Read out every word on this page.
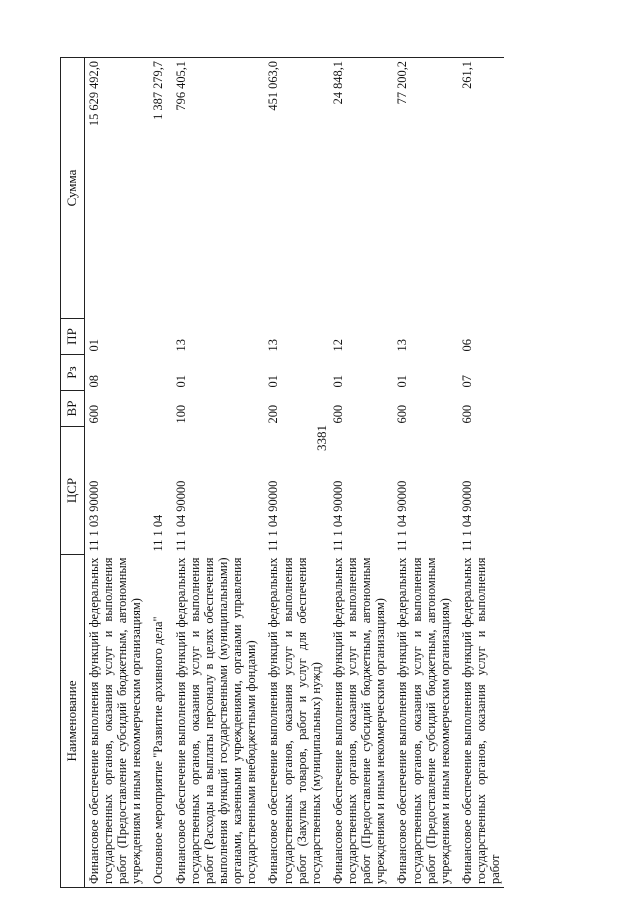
3381
Наименование	ЦСР	ВР	Рз	ПР	Сумма
Финансовое обеспечение выполнения функций федеральных государственных органов, оказания услуг и выполнения работ (Предоставление субсидий бюджетным, автономным учреждениям и иным некоммерческим организациям)	11 1 03 90000	600	08	01	15 629 492,0
Основное мероприятие "Развитие архивного дела"	11 1 04				1 387 279,7
Финансовое обеспечение выполнения функций федеральных государственных органов, оказания услуг и выполнения работ (Расходы на выплаты персоналу в целях обеспечения выполнения функций государственными (муниципальными) органами, казенными учреждениями, органами управления государственными внебюджетными фондами)	11 1 04 90000	100	01	13	796 405,1
Финансовое обеспечение выполнения функций федеральных государственных органов, оказания услуг и выполнения работ (Закупка товаров, работ и услуг для обеспечения государственных (муниципальных) нужд)	11 1 04 90000	200	01	13	451 063,0
Финансовое обеспечение выполнения функций федеральных государственных органов, оказания услуг и выполнения работ (Предоставление субсидий бюджетным, автономным учреждениям и иным некоммерческим организациям)	11 1 04 90000	600	01	12	24 848,1
Финансовое обеспечение выполнения функций федеральных государственных органов, оказания услуг и выполнения работ (Предоставление субсидий бюджетным, автономным учреждениям и иным некоммерческим организациям)	11 1 04 90000	600	01	13	77 200,2
Финансовое обеспечение выполнения функций федеральных государственных органов, оказания услуг и выполнения работ	11 1 04 90000	600	07	06	261,1
